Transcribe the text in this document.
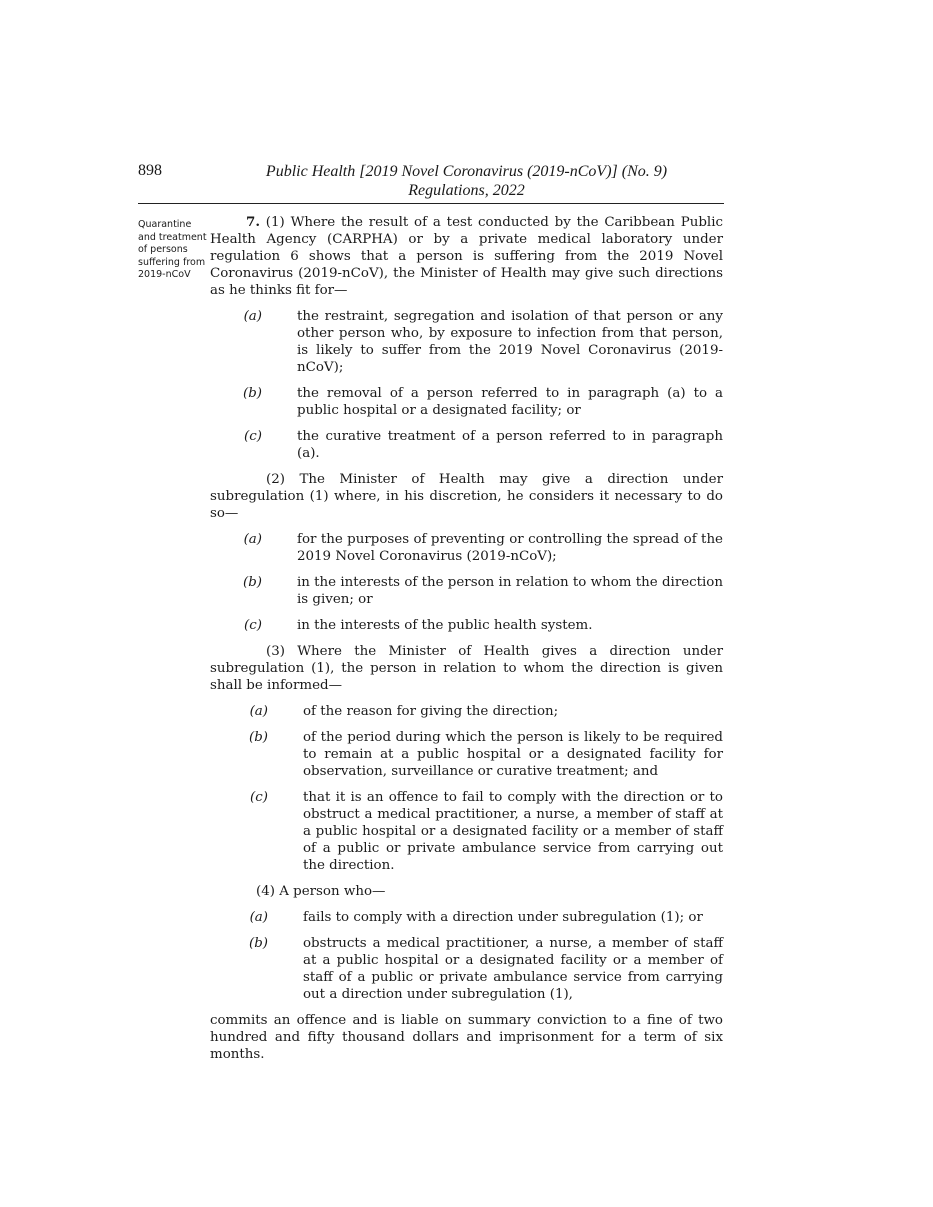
898	Public Health [2019 Novel Coronavirus (2019-nCoV)] (No. 9)
Regulations, 2022
Quarantine and treatment of persons suffering from 2019-nCoV

7. (1) Where the result of a test conducted by the Caribbean Public Health Agency (CARPHA) or by a private medical laboratory under regulation 6 shows that a person is suffering from the 2019 Novel Coronavirus (2019-nCoV), the Minister of Health may give such directions as he thinks fit for—

(a)	the restraint, segregation and isolation of that person or any other person who, by exposure to infection from that person, is likely to suffer from the 2019 Novel Coronavirus (2019-nCoV);
(b)	the removal of a person referred to in paragraph (a) to a public hospital or a designated facility; or
(c)	the curative treatment of a person referred to in paragraph (a).

(2) The Minister of Health may give a direction under subregulation (1) where, in his discretion, he considers it necessary to do so—

(a)	for the purposes of preventing or controlling the spread of the 2019 Novel Coronavirus (2019-nCoV);
(b)	in the interests of the person in relation to whom the direction is given; or
(c)	in the interests of the public health system.

(3) Where the Minister of Health gives a direction under subregulation (1), the person in relation to whom the direction is given shall be informed—

(a)	of the reason for giving the direction;
(b)	of the period during which the person is likely to be required to remain at a public hospital or a designated facility for observation, surveillance or curative treatment; and
(c)	that it is an offence to fail to comply with the direction or to obstruct a medical practitioner, a nurse, a member of staff at a public hospital or a designated facility or a member of staff of a public or private ambulance service from carrying out the direction.

(4) A person who—

(a)	fails to comply with a direction under subregulation (1); or
(b)	obstructs a medical practitioner, a nurse, a member of staff at a public hospital or a designated facility or a member of staff of a public or private ambulance service from carrying out a direction under subregulation (1),

commits an offence and is liable on summary conviction to a fine of two hundred and fifty thousand dollars and imprisonment for a term of six months.
